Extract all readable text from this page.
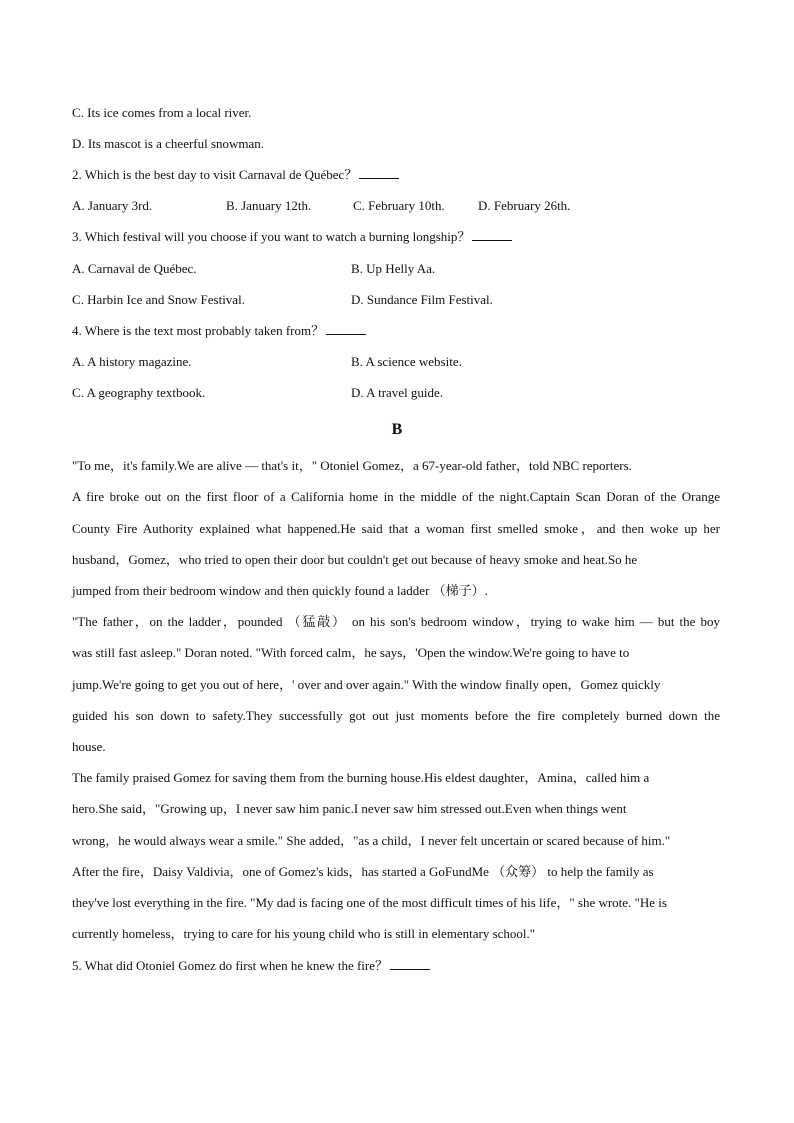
C. Its ice comes from a local river.
D. Its mascot is a cheerful snowman.
2. Which is the best day to visit Carnaval de Québec？
A. January 3rd.	B. January 12th.	C. February 10th.	D. February 26th.
3. Which festival will you choose if you want to watch a burning longship？
A. Carnaval de Québec.	B. Up Helly Aa.
C. Harbin Ice and Snow Festival.	D. Sundance Film Festival.
4. Where is the text most probably taken from？
A. A history magazine.	B. A science website.
C. A geography textbook.	D. A travel guide.
B
"To me，it's family.We are alive — that's it，" Otoniel Gomez，a 67-year-old father，told NBC reporters.
A fire broke out on the first floor of a California home in the middle of the night.Captain Scan Doran of the Orange
County Fire Authority explained what happened.He said that a woman first smelled smoke，and then woke up her
husband，Gomez，who tried to open their door but couldn't get out because of heavy smoke and heat.So he
jumped from their bedroom window and then quickly found a ladder （梯子）.
"The father，on the ladder，pounded （猛敲） on his son's bedroom window，trying to wake him — but the boy
was still fast asleep." Doran noted. "With forced calm，he says，'Open the window.We're going to have to
jump.We're going to get you out of here，' over and over again." With the window finally open，Gomez quickly
guided his son down to safety.They successfully got out just moments before the fire completely burned down the
house.
The family praised Gomez for saving them from the burning house.His eldest daughter，Amina，called him a
hero.She said，"Growing up，I never saw him panic.I never saw him stressed out.Even when things went
wrong，he would always wear a smile." She added，"as a child，I never felt uncertain or scared because of him."
After the fire，Daisy Valdivia，one of Gomez's kids，has started a GoFundMe （众筹） to help the family as
they've lost everything in the fire. "My dad is facing one of the most difficult times of his life，" she wrote. "He is
currently homeless，trying to care for his young child who is still in elementary school."
5. What did Otoniel Gomez do first when he knew the fire？
